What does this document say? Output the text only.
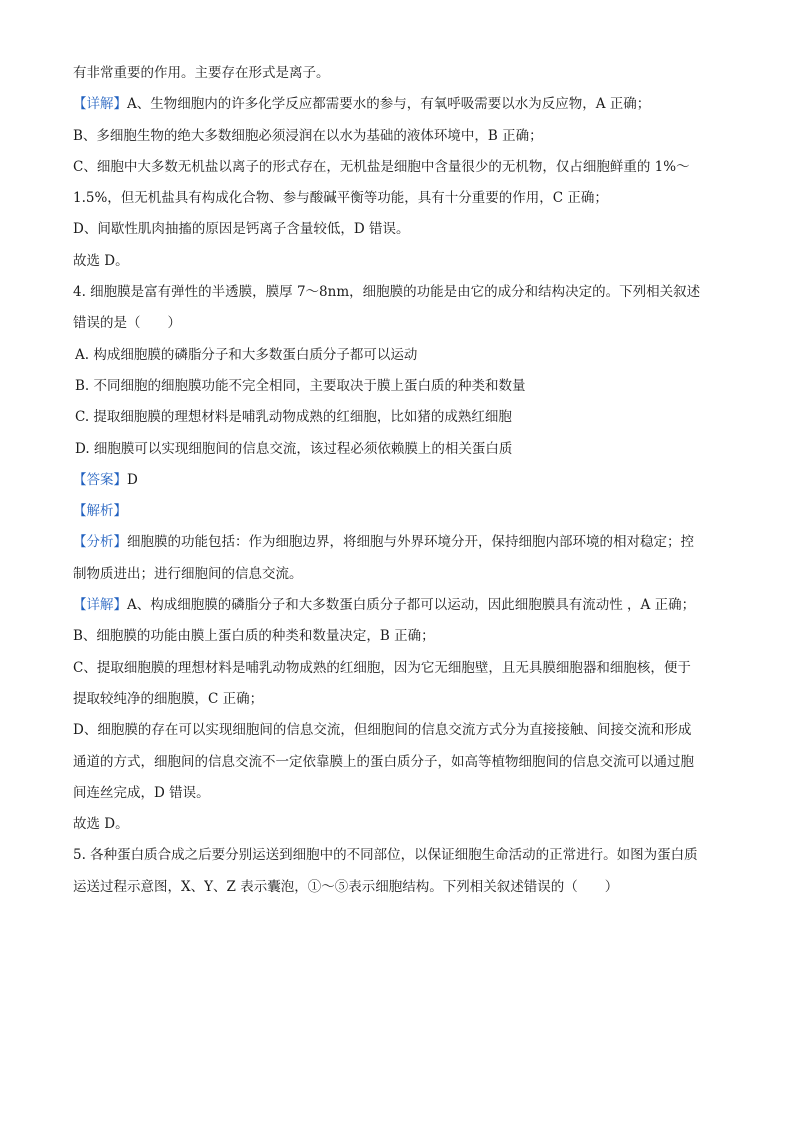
有非常重要的作用。主要存在形式是离子。
【详解】A、生物细胞内的许多化学反应都需要水的参与，有氧呼吸需要以水为反应物，A 正确；
B、多细胞生物的绝大多数细胞必须浸润在以水为基础的液体环境中，B 正确；
C、细胞中大多数无机盐以离子的形式存在，无机盐是细胞中含量很少的无机物，仅占细胞鲜重的 1%～
1.5%，但无机盐具有构成化合物、参与酸碱平衡等功能，具有十分重要的作用，C 正确；
D、间歇性肌肉抽搐的原因是钙离子含量较低，D 错误。
故选 D。
4. 细胞膜是富有弹性的半透膜，膜厚 7～8nm，细胞膜的功能是由它的成分和结构决定的。下列相关叙述
错误的是（　　）
A. 构成细胞膜的磷脂分子和大多数蛋白质分子都可以运动
B. 不同细胞的细胞膜功能不完全相同，主要取决于膜上蛋白质的种类和数量
C. 提取细胞膜的理想材料是哺乳动物成熟的红细胞，比如猪的成熟红细胞
D. 细胞膜可以实现细胞间的信息交流，该过程必须依赖膜上的相关蛋白质
【答案】D
【解析】
【分析】细胞膜的功能包括：作为细胞边界，将细胞与外界环境分开，保持细胞内部环境的相对稳定；控
制物质进出；进行细胞间的信息交流。
【详解】A、构成细胞膜的磷脂分子和大多数蛋白质分子都可以运动，因此细胞膜具有流动性 ，A 正确；
B、细胞膜的功能由膜上蛋白质的种类和数量决定，B 正确；
C、提取细胞膜的理想材料是哺乳动物成熟的红细胞，因为它无细胞壁，且无具膜细胞器和细胞核，便于
提取较纯净的细胞膜，C 正确；
D、细胞膜的存在可以实现细胞间的信息交流，但细胞间的信息交流方式分为直接接触、间接交流和形成
通道的方式，细胞间的信息交流不一定依靠膜上的蛋白质分子，如高等植物细胞间的信息交流可以通过胞
间连丝完成，D 错误。
故选 D。
5. 各种蛋白质合成之后要分别运送到细胞中的不同部位，以保证细胞生命活动的正常进行。如图为蛋白质
运送过程示意图，X、Y、Z 表示囊泡，①～⑤表示细胞结构。下列相关叙述错误的（　　）
